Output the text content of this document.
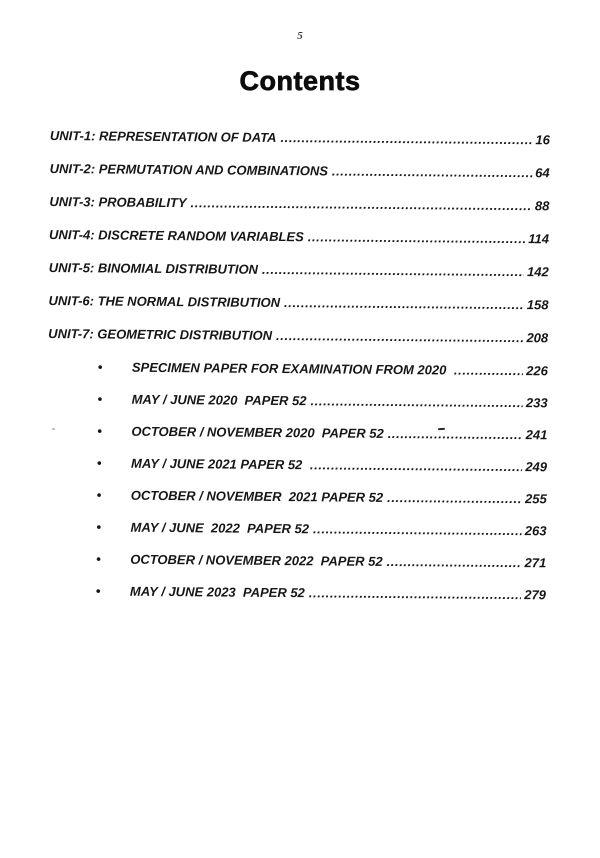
5
Contents
UNIT-1: REPRESENTATION OF DATA .....	16
UNIT-2: PERMUTATION AND COMBINATIONS .....	64
UNIT-3: PROBABILITY .....	88
UNIT-4: DISCRETE RANDOM VARIABLES .....	114
UNIT-5: BINOMIAL DISTRIBUTION .....	142
UNIT-6: THE NORMAL DISTRIBUTION .....	158
UNIT-7: GEOMETRIC DISTRIBUTION .....	208
•	SPECIMEN PAPER FOR EXAMINATION FROM 2020 .....	226
•	MAY / JUNE 2020  PAPER 52 .....	233
•	OCTOBER / NOVEMBER 2020  PAPER 52 .....	241
•	MAY / JUNE 2021 PAPER 52 .....	249
•	OCTOBER / NOVEMBER  2021 PAPER 52 .....	255
•	MAY / JUNE  2022  PAPER 52 .....	263
•	OCTOBER / NOVEMBER 2022  PAPER 52 .....	271
•	MAY / JUNE 2023  PAPER 52 .....	279
